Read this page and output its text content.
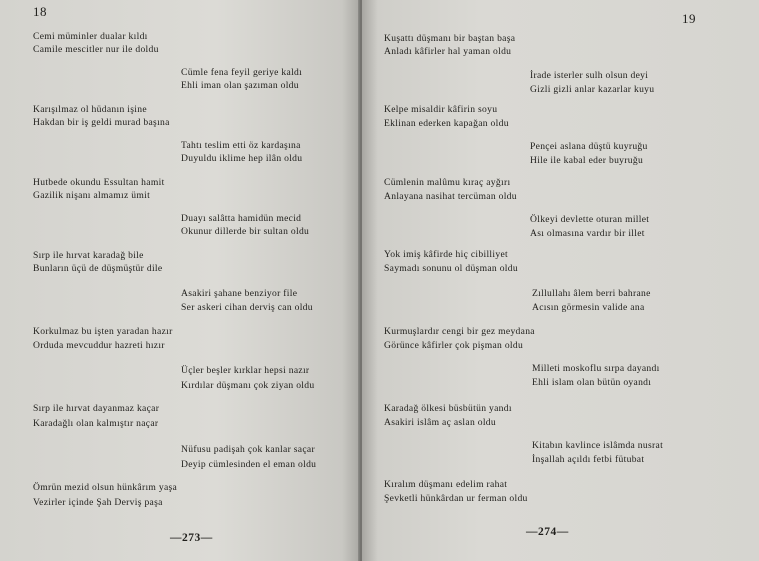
18
Cemi müminler dualar kıldı
Camile mescitler nur ile doldu
Cümle fena feyil geriye kaldı
Ehli iman olan şazıman oldu
Karışılmaz ol hüdanın işine
Hakdan bir iş geldi murad başına
Tahtı teslim etti öz kardaşına
Duyuldu iklime hep ilân oldu
Hutbede okundu Essultan hamit
Gazilik nişanı almamız ümit
Duayı salâtta hamidün mecid
Okunur dillerde bir sultan oldu
Sırp ile hırvat karadağ bile
Bunların üçü de düşmüştür dile
Asakiri şahane benziyor file
Ser askeri cihan derviş can oldu
Korkulmaz bu işten yaradan hazır
Orduda mevcuddur hazreti hızır
Üçler beşler kırklar hepsi nazır
Kırdılar düşmanı çok ziyan oldu
Sırp ile hırvat dayanmaz kaçar
Karadağlı olan kalmıştır naçar
Nüfusu padişah çok kanlar saçar
Deyip cümlesinden el eman oldu
Ömrün mezid olsun hünkârım yaşa
Vezirler içinde Şah Derviş paşa
—273—
19
Kuşattı düşmanı bir baştan başa
Anladı kâfirler hal yaman oldu
İrade isterler sulh olsun deyi
Gizli gizli anlar kazarlar kuyu
Kelpe misaldir kâfirin soyu
Eklinan ederken kapağan oldu
Pençei aslana düştü kuyruğu
Hile ile kabal eder buyruğu
Cümlenin malûmu kıraç ayğırı
Anlayana nasihat tercüman oldu
Ölkeyi devlette oturan millet
Ası olmasına vardır bir illet
Yok imiş kâfirde hiç cibilliyet
Saymadı sonunu ol düşman oldu
Zıllullahı âlem berri bahrane
Acısın görmesin valide ana
Kurmuşlardır cengi bir gez meydana
Görünce kâfirler çok pişman oldu
Milleti moskoflu sırpa dayandı
Ehli islam olan bütün oyandı
Karadağ ölkesi büsbütün yandı
Asakiri islâm aç aslan oldu
Kitabın kavlince islâmda nusrat
İnşallah açıldı fetbi fütubat
Kıralım düşmanı edelim rahat
Şevketli hünkârdan ur ferman oldu
—274—
